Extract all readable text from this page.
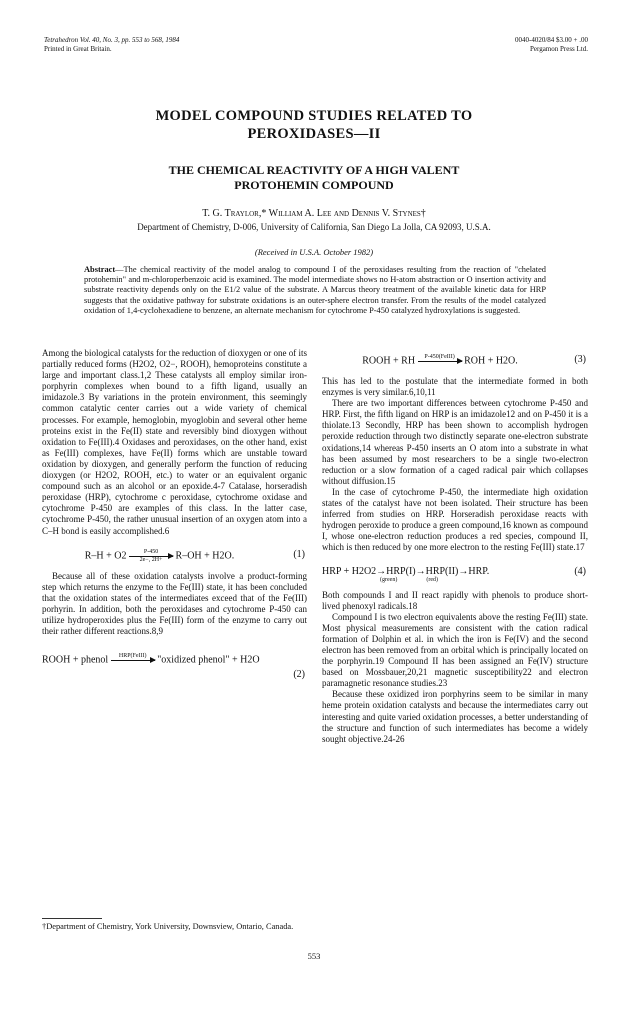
Tetrahedron Vol. 40, No. 3, pp. 553 to 568, 1984
Printed in Great Britain.
0040-4020/84 $3.00 + .00
Pergamon Press Ltd.
MODEL COMPOUND STUDIES RELATED TO
PEROXIDASES—II
THE CHEMICAL REACTIVITY OF A HIGH VALENT
PROTOHEMIN COMPOUND
T. G. Traylor,* William A. Lee and Dennis V. Stynes†
Department of Chemistry, D-006, University of California, San Diego La Jolla, CA 92093, U.S.A.
(Received in U.S.A. October 1982)
Abstract—The chemical reactivity of the model analog to compound I of the peroxidases resulting from the reaction of "chelated protohemin" and m-chloroperbenzoic acid is examined. The model intermediate shows no H-atom abstraction or O insertion activity and substrate reactivity depends only on the E1/2 value of the substrate. A Marcus theory treatment of the available kinetic data for HRP suggests that the oxidative pathway for substrate oxidations is an outer-sphere electron transfer. From the results of the model catalyzed oxidation of 1,4-cyclohexadiene to benzene, an alternate mechanism for cytochrome P-450 catalyzed hydroxylations is suggested.

Among the biological catalysts for the reduction of dioxygen or one of its partially reduced forms (H2O2, O2−, ROOH), hemoproteins constitute a large and important class.1,2 These catalysts all employ similar iron-porphyrin complexes when bound to a fifth ligand, usually an imidazole.3 By variations in the protein environment, this seemingly common catalytic center carries out a wide variety of chemical processes. For example, hemoglobin, myoglobin and several other heme proteins exist in the Fe(II) state and reversibly bind dioxygen without oxidation to Fe(III).4 Oxidases and peroxidases, on the other hand, exist as Fe(III) complexes, have Fe(II) forms which are unstable toward oxidation by dioxygen, and generally perform the function of reducing dioxygen (or H2O2, ROOH, etc.) to water or an equivalent organic compound such as an alcohol or an epoxide.4-7 Catalase, horseradish peroxidase (HRP), cytochrome c peroxidase, cytochrome oxidase and cytochrome P-450 are examples of this class. In the latter case, cytochrome P-450, the rather unusual insertion of an oxygen atom into a C–H bond is easily accomplished.6

$R-H + O2 \frac{P-450}{2e-, 2H+} R-OH + H2O$.	(1)

Because all of these oxidation catalysts involve a product-forming step which returns the enzyme to the Fe(III) state, it has been concluded that the oxidation states of the intermediates exceed that of the Fe(III) porhyrin. In addition, both the peroxidases and cytochrome P-450 can utilize hydroperoxides plus the Fe(III) form of the enzyme to carry out their rather different reactions.8,9

ROOH + phenol	HRP(FeIII)
	"oxidized phenol" + H2O
(2)
ROOH + RH	P-450(FeIII)
ROH + H2O.	(3)

This has led to the postulate that the intermediate formed in both enzymes is very similar.6,10,11

There are two important differences between cytochrome P-450 and HRP. First, the fifth ligand on HRP is an imidazole12 and on P-450 it is a thiolate.13 Secondly, HRP has been shown to accomplish hydrogen peroxide reduction through two distinctly separate one-electron substrate oxidations,14 whereas P-450 inserts an O atom into a substrate in what has been assumed by most researchers to be a single two-electron reduction or a slow formation of a caged radical pair which collapses without diffusion.15

In the case of cytochrome P-450, the intermediate high oxidation states of the catalyst have not been isolated. Their structure has been inferred from studies on HRP. Horseradish peroxidase reacts with hydrogen peroxide to produce a green compound,16 known as compound I, whose one-electron reduction produces a red species, compound II, which is then reduced by one more electron to the resting Fe(III) state.17

HRP + H2O2→HRP(I)→HRP(II)→HRP.
(green)	(red)
(4)

Both compounds I and II react rapidly with phenols to produce short-lived phenoxyl radicals.18

Compound I is two electron equivalents above the resting Fe(III) state. Most physical measurements are consistent with the cation radical formation of Dolphin et al. in which the iron is Fe(IV) and the second electron has been removed from an orbital which is principally located on the porphyrin.19 Compound II has been assigned an Fe(IV) structure based on Mossbauer,20,21 magnetic susceptibility22 and electron paramagnetic resonance studies.23

Because these oxidized iron porphyrins seem to be similar in many heme protein oxidation catalysts and because the intermediates carry out interesting and quite varied oxidation processes, a better understanding of the structure and function of such intermediates has become a widely sought objective.24-26

†Department of Chemistry, York University, Downsview, Ontario, Canada.
553
